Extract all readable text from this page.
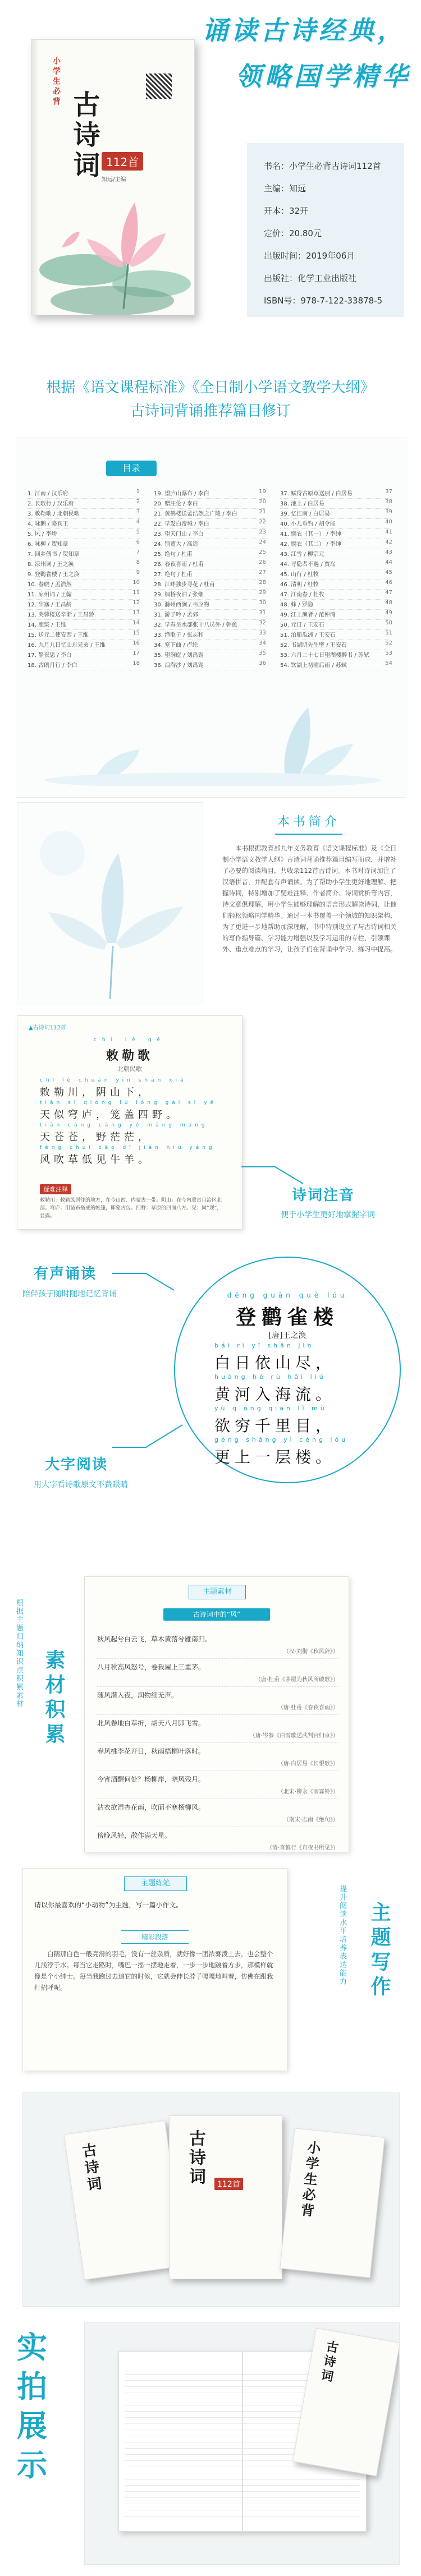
诵读古诗经典，
领略国学精华
小学生必背
古诗词 112首
知远/主编
书名：小学生必背古诗词112首
主编：知远
开本：32开
定价：20.80元
出版时间：2019年06月
出版社：化学工业出版社
ISBN号：978-7-122-33878-5
根据《语文课程标准》《全日制小学语文教学大纲》
古诗词背诵推荐篇目修订
目录
1. 江南 / 汉乐府	1
2. 长歌行 / 汉乐府	2
3. 敕勒歌 / 北朝民歌	3
4. 咏鹅 / 骆宾王	4
5. 风 / 李峤	5
6. 咏柳 / 贺知章	6
7. 回乡偶书 / 贺知章	7
8. 凉州词 / 王之涣	8
9. 登鹳雀楼 / 王之涣	9
10. 春晓 / 孟浩然	10
11. 凉州词 / 王翰	11
12. 出塞 / 王昌龄	12
13. 芙蓉楼送辛渐 / 王昌龄	13
14. 鹿柴 / 王维	14
15. 送元二使安西 / 王维	15
16. 九月九日忆山东兄弟 / 王维	16
17. 静夜思 / 李白	17
18. 古朗月行 / 李白	18
19. 望庐山瀑布 / 李白	19
20. 赠汪伦 / 李白	20
21. 黄鹤楼送孟浩然之广陵 / 李白	21
22. 早发白帝城 / 李白	22
23. 望天门山 / 李白	23
24. 别董大 / 高适	24
25. 绝句 / 杜甫	25
26. 春夜喜雨 / 杜甫	26
27. 绝句 / 杜甫	27
28. 江畔独步寻花 / 杜甫	28
29. 枫桥夜泊 / 张继	29
30. 滁州西涧 / 韦应物	30
31. 游子吟 / 孟郊	31
32. 早春呈水部张十八员外 / 韩愈	32
33. 渔歌子 / 张志和	33
34. 塞下曲 / 卢纶	34
35. 望洞庭 / 刘禹锡	35
36. 浪淘沙 / 刘禹锡	36
37. 赋得古原草送别 / 白居易	37
38. 池上 / 白居易	38
39. 忆江南 / 白居易	39
40. 小儿垂钓 / 胡令能	40
41. 悯农（其一） / 李绅	41
42. 悯农（其二） / 李绅	42
43. 江雪 / 柳宗元	43
44. 寻隐者不遇 / 贾岛	44
45. 山行 / 杜牧	45
46. 清明 / 杜牧	46
47. 江南春 / 杜牧	47
48. 蜂 / 罗隐	48
49. 江上渔者 / 范仲淹	49
50. 元日 / 王安石	50
51. 泊船瓜洲 / 王安石	51
52. 书湖阴先生壁 / 王安石	52
53. 六月二十七日望湖楼醉书 / 苏轼	53
54. 饮湖上初晴后雨 / 苏轼	54
本书简介
本书根据教育部九年义务教育《语文课程标准》及《全日制小学语文教学大纲》古诗词背诵推荐篇目编写而成，并增补了必要的阅读篇目，共收录112首古诗词。本书对诗词加注了汉语拼音，并配套有声诵读。为了帮助小学生更好地理解、把握诗词，特别增加了疑难注释、作者简介、诗词赏析等内容，诗文意俱理解，用小学生能够理解的语言形式解读诗词，让他们轻松领略国学精华。通过一本书覆盖一个领域的知识架构，为了更进一步地帮助加深理解，书中特别设立了与古诗词相关的写作指导篇、学习能力增强以及学习运用的专栏，引领课外、重点难点的学习，让孩子们在背诵中学习、练习中提高。
▲古诗词112首
chì lè gē
敕勒歌
北朝民歌
chì lè chuān yīn shān xià
敕勒川，阴山下，
tiān sì qióng lú lóng gài sì yě
天似穹庐，笼盖四野。
tiān cāng cāng yě máng máng
天苍苍，野茫茫，
fēng chuī cǎo dī jiàn niú yáng
风吹草低见牛羊。
疑难注释
敕勒川：敕勒族居住的地方，在今山西、内蒙古一带。阴山：在今内蒙古自治区北部。穹庐：用毡布搭成的帐篷，即蒙古包。四野：草原的四面八方。见：同“现”，显露。
诗词注音
便于小学生更好地掌握字词
有声诵读
陪伴孩子随时随地记忆背诵	dēng guàn què lóu
登鹳雀楼
[唐]王之涣
bái rì yī shān jìn
白日依山尽，
huáng hé rù hǎi liú
黄河入海流。
yù qióng qiān lǐ mù
欲穷千里目，
gèng shàng yì céng lóu
更上一层楼。
大字阅读
用大字看诗歌原文不费眼睛
根据主题归纳知识点积累素材 素材积累
主题素材
古诗词中的“风”
秋风起兮白云飞，草木黄落兮雁南归。
（汉·刘彻《秋风辞》）
八月秋高风怒号，卷我屋上三重茅。
（唐·杜甫《茅屋为秋风所破歌》）
随风潜入夜，润物细无声。
（唐·杜甫《春夜喜雨》）
北风卷地白草折，胡天八月即飞雪。
（唐·岑参《白雪歌送武判官归京》）
春风桃李花开日，秋雨梧桐叶落时。
（唐·白居易《长恨歌》）
今宵酒醒何处？杨柳岸，晓风残月。
（北宋·柳永《雨霖铃》）
沾衣欲湿杏花雨，吹面不寒杨柳风。
（南宋·志南《绝句》）
傍晚风轻，散作满天星。
（清·查慎行《舟夜书所见》）
主题练笔
请以你最喜欢的“小动物”为主题，写一篇小作文。
精彩段落
白鹅那白色一般亮滑的羽毛，没有一丝杂质，就好像一团浓雾泼上去，也会整个儿浅浮于水。每当它走路时，嘴巴一摇一摆地走着，一步一步地踱着方步，那模样就像是个小绅士。每当我跑过去追它的时候，它就会伸长脖子嘎嘎地叫着，仿佛在跟我打招呼呢。
提升阅读水平培养表达能力 主题写作
古诗词	古诗词	112首	小学生必背
实拍展示
古诗词
